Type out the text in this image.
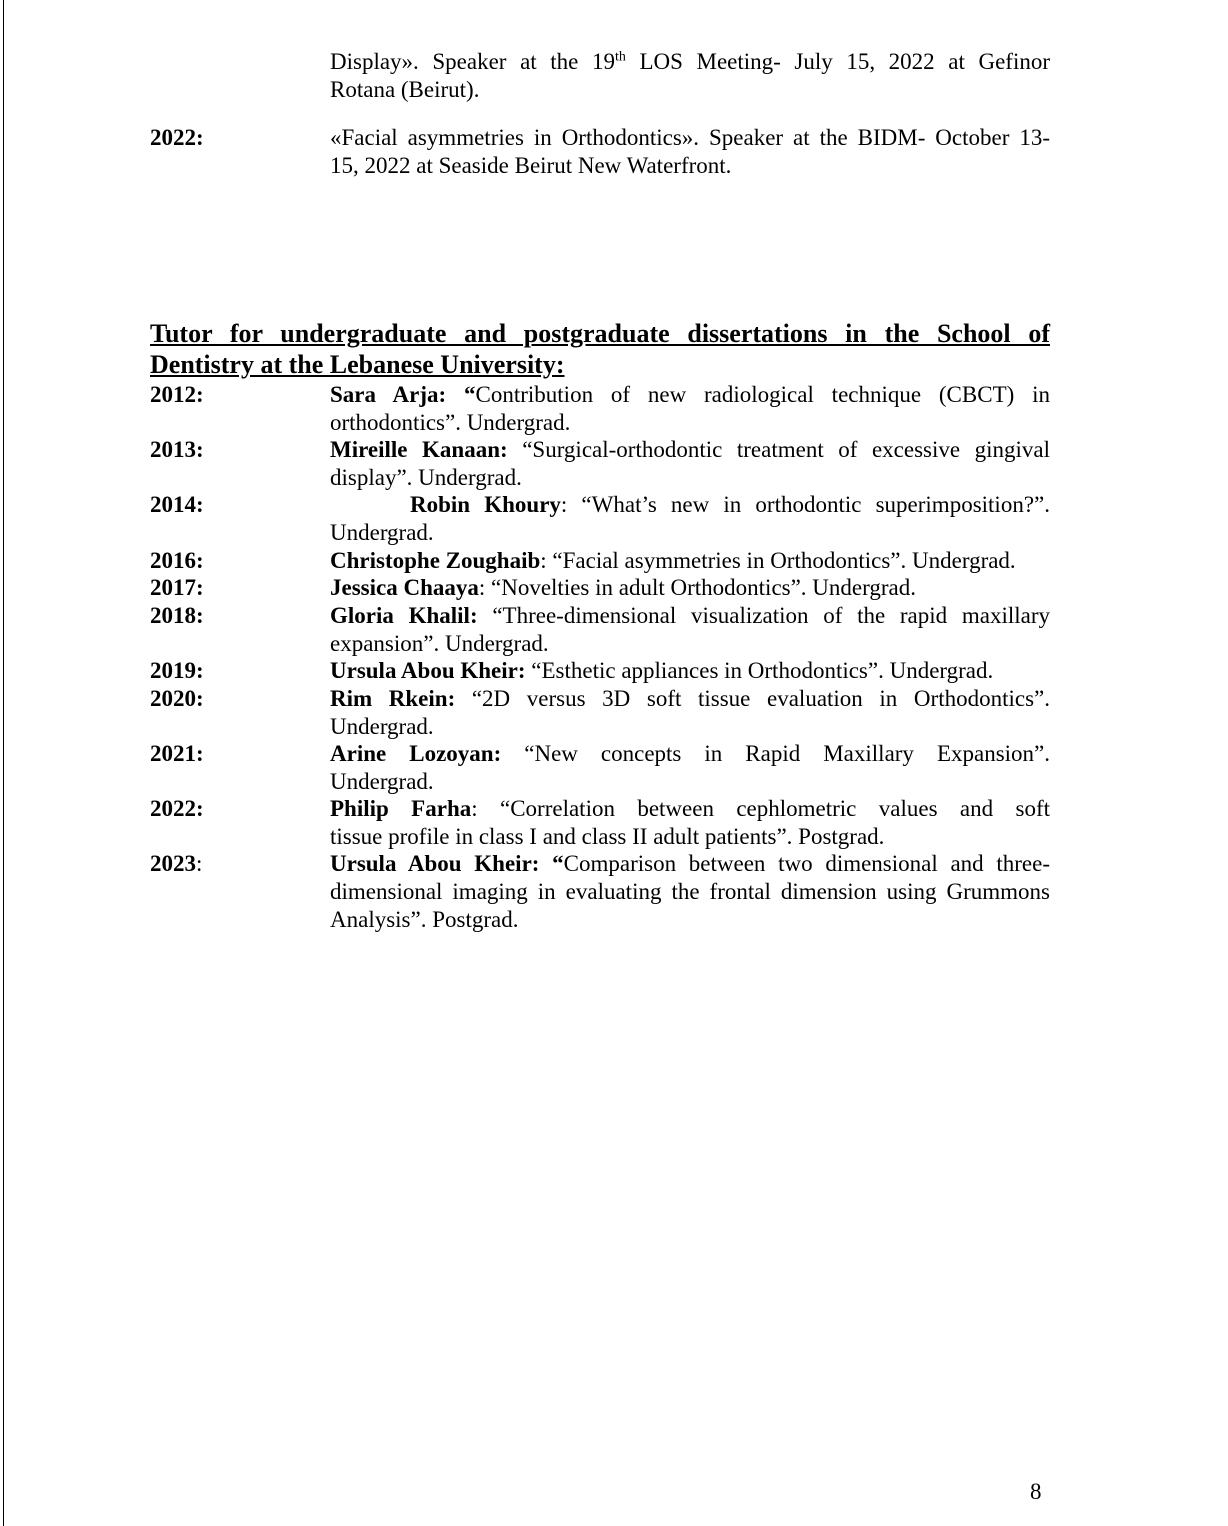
Display». Speaker at the 19th LOS Meeting- July 15, 2022 at Gefinor
Rotana (Beirut).
2022:	«Facial asymmetries in Orthodontics». Speaker at the BIDM- October 13-
15, 2022 at Seaside Beirut New Waterfront.
Tutor for undergraduate and postgraduate dissertations in the School of
Dentistry at the Lebanese University:
2012:	Sara Arja: “Contribution of new radiological technique (CBCT) in
orthodontics”. Undergrad.
2013:	Mireille Kanaan: “Surgical-orthodontic treatment of excessive gingival
display”. Undergrad.
2014:	Robin Khoury: “What’s new in orthodontic superimposition?”.
Undergrad.
2016:	Christophe Zoughaib: “Facial asymmetries in Orthodontics”. Undergrad.
2017:	Jessica Chaaya: “Novelties in adult Orthodontics”. Undergrad.
2018:	Gloria Khalil: “Three-dimensional visualization of the rapid maxillary
expansion”. Undergrad.
2019:	Ursula Abou Kheir: “Esthetic appliances in Orthodontics”. Undergrad.
2020:	Rim Rkein: “2D versus 3D soft tissue evaluation in Orthodontics”.
Undergrad.
2021:	Arine Lozoyan: “New concepts in Rapid Maxillary Expansion”.
Undergrad.
2022:	Philip Farha: “Correlation between cephlometric values and soft
tissue profile in class I and class II adult patients”. Postgrad.
2023:	Ursula Abou Kheir: “Comparison between two dimensional and three-
dimensional imaging in evaluating the frontal dimension using Grummons
Analysis”. Postgrad.
8
